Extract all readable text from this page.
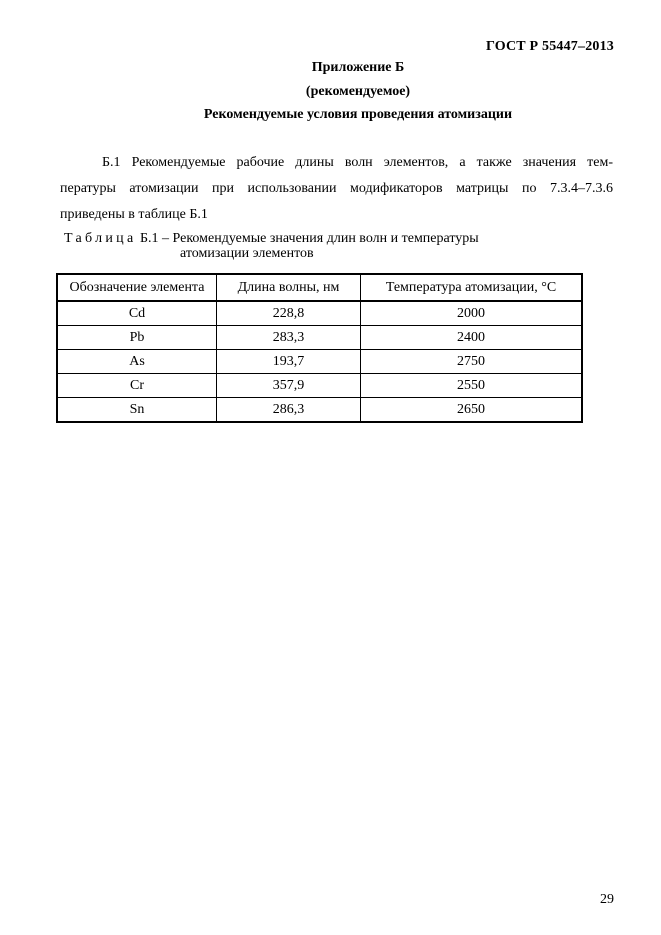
ГОСТ Р 55447–2013
Приложение Б
(рекомендуемое)
Рекомендуемые условия проведения атомизации
Б.1 Рекомендуемые рабочие длины волн элементов, а также значения тем-
пературы атомизации при использовании модификаторов матрицы по 7.3.4–7.3.6
приведены в таблице Б.1
Таблица Б.1 – Рекомендуемые значения длин волн и температуры
атомизации элементов
Обозначение элемента	Длина волны, нм	Температура атомизации, °С
Cd	228,8	2000
Pb	283,3	2400
As	193,7	2750
Cr	357,9	2550
Sn	286,3	2650
29
